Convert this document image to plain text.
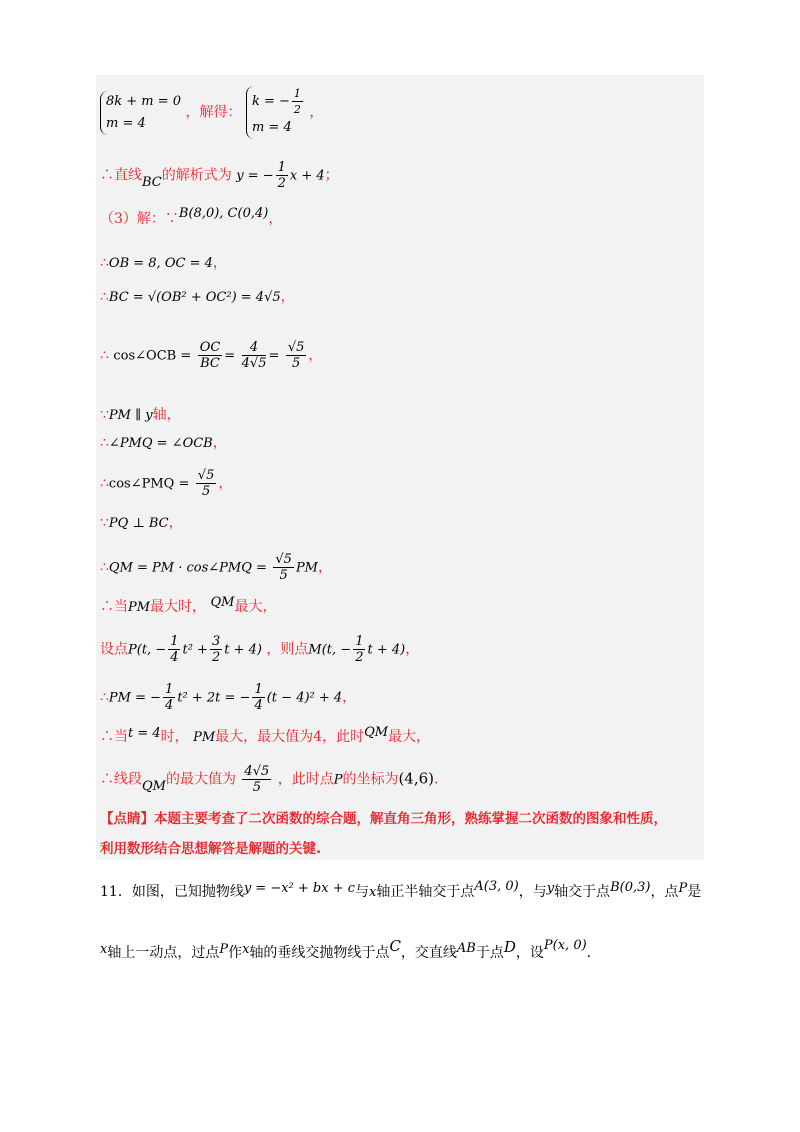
8k + m = 0
m = 4
，解得：
k = − $\frac{1}{2}$
m = 4
，
∴直线BC的解析式为 y = − $\frac{1}{2}$ x + 4；
（3）解：∵B(8,0), C(0,4)，
∴OB = 8, OC = 4，
∴BC = √(OB² + OC²) = 4√5，
∴ cos∠OCB = $\frac{OC}{BC} = \frac{4}{4√5} = \frac{√5}{5}$ ，
∵PM ∥ y轴，
∴∠PMQ = ∠OCB，
∴cos∠PMQ = $\frac{√5}{5}$ ，
∵PQ ⊥ BC，
∴QM = PM · cos∠PMQ = $\frac{√5}{5}$ PM，
∴当PM最大时， QM最大，
设点P(t, − $\frac{1}{4} t^2 + \frac{3}{2}$ t + 4) ，则点M(t, − $\frac{1}{2}$ t + 4)，
∴PM = − $\frac{1}{4} t^2 + 2t$ = − $\frac{1}{4} (t - 4)^2 + 4$，
∴当t = 4时， PM最大，最大值为4，此时QM最大，
∴线段QM的最大值为 $\frac{4√5}{5}$ ，此时点P的坐标为(4,6).
【点睛】本题主要考查了二次函数的综合题，解直角三角形，熟练掌握二次函数的图象和性质，
利用数形结合思想解答是解题的关键.
11．如图，已知抛物线y = −x² + bx + c与x轴正半轴交于点A(3, 0)，与y轴交于点B(0,3)，点P是
x轴上一动点，过点P作x轴的垂线交抛物线于点C，交直线AB于点D，设P(x, 0).
